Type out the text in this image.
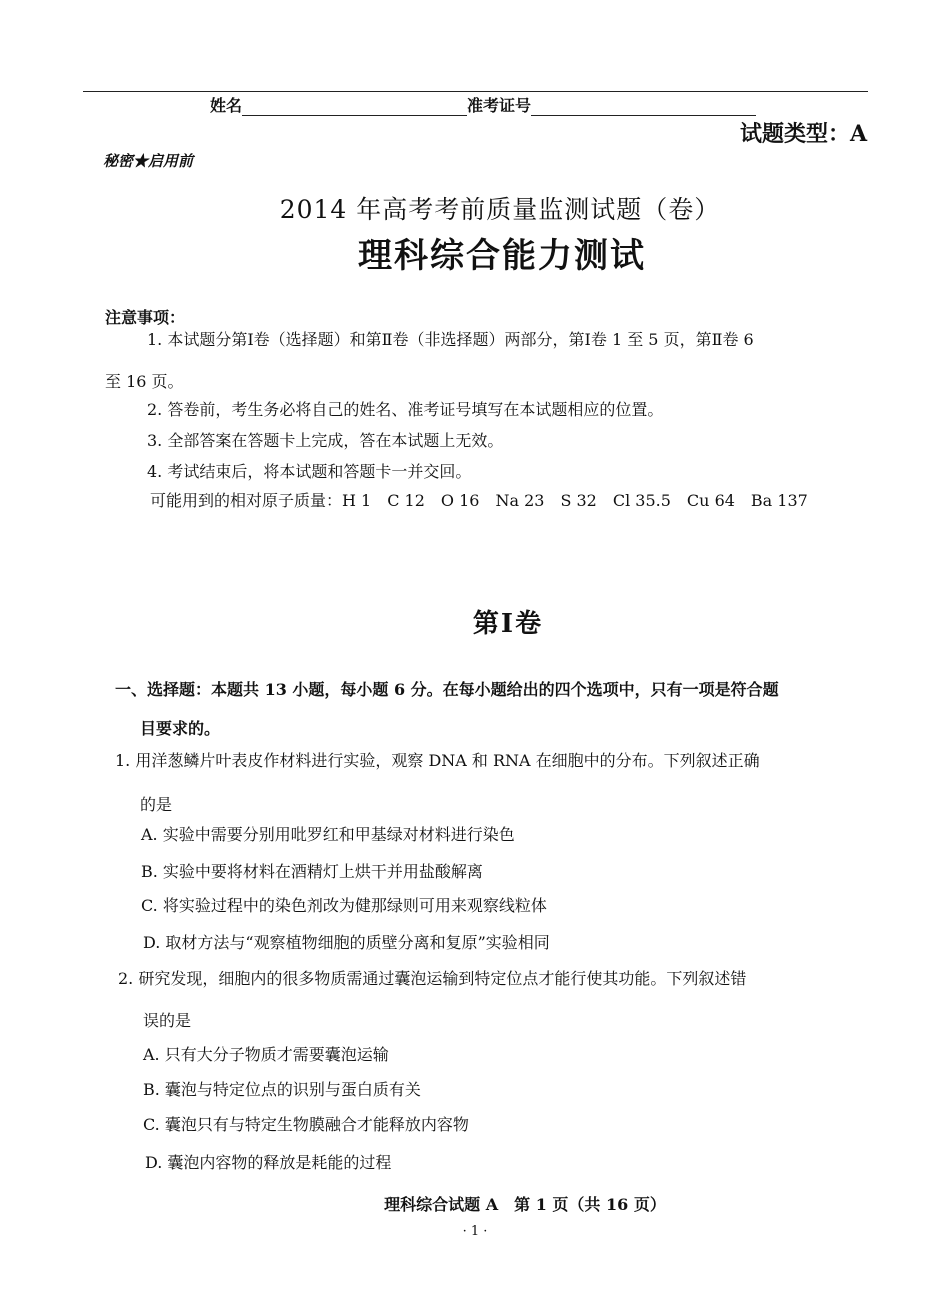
姓名	准考证号
试题类型：A
秘密★启用前
2014 年高考考前质量监测试题（卷）
理科综合能力测试
注意事项：
1. 本试题分第Ⅰ卷（选择题）和第Ⅱ卷（非选择题）两部分，第Ⅰ卷 1 至 5 页，第Ⅱ卷 6
至 16 页。
2. 答卷前，考生务必将自己的姓名、准考证号填写在本试题相应的位置。
3. 全部答案在答题卡上完成，答在本试题上无效。
4. 考试结束后，将本试题和答题卡一并交回。
可能用到的相对原子质量：H 1　C 12　O 16　Na 23　S 32　Cl 35.5　Cu 64　Ba 137
第Ⅰ卷
一、选择题：本题共 13 小题，每小题 6 分。在每小题给出的四个选项中，只有一项是符合题
目要求的。
1. 用洋葱鳞片叶表皮作材料进行实验，观察 DNA 和 RNA 在细胞中的分布。下列叙述正确
的是
A. 实验中需要分别用吡罗红和甲基绿对材料进行染色
B. 实验中要将材料在酒精灯上烘干并用盐酸解离
C. 将实验过程中的染色剂改为健那绿则可用来观察线粒体
D. 取材方法与“观察植物细胞的质壁分离和复原”实验相同
2. 研究发现，细胞内的很多物质需通过囊泡运输到特定位点才能行使其功能。下列叙述错
误的是
A. 只有大分子物质才需要囊泡运输
B. 囊泡与特定位点的识别与蛋白质有关
C. 囊泡只有与特定生物膜融合才能释放内容物
D. 囊泡内容物的释放是耗能的过程
理科综合试题 A　第 1 页（共 16 页）
· 1 ·
